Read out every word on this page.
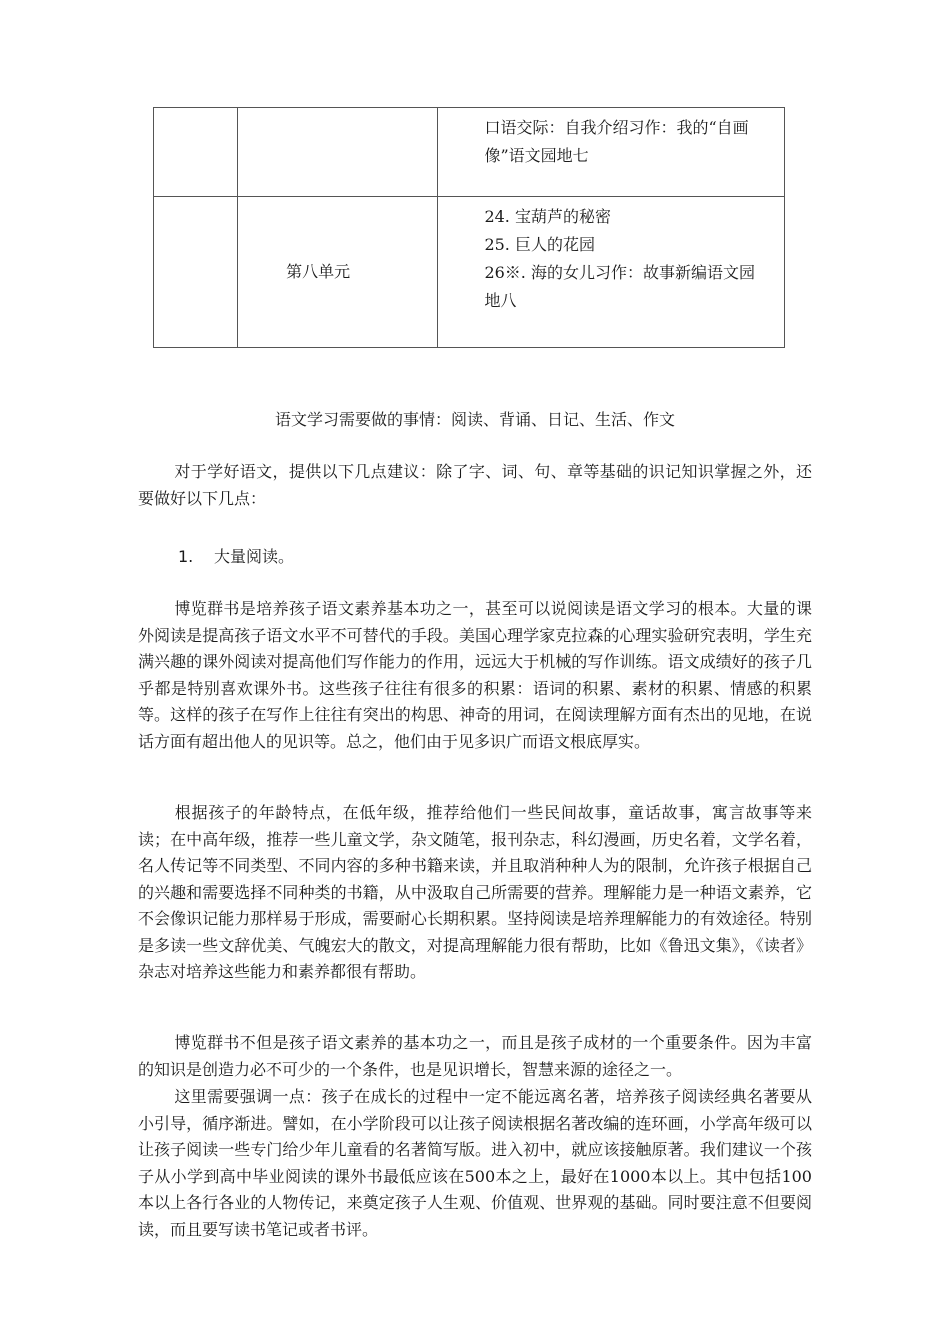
		口语交际：自我介绍习作：我的“自画
像”语文园地七

	第八单元	24. 宝葫芦的秘密
25. 巨人的花园
26※. 海的女儿习作：故事新编语文园
地八
语文学习需要做的事情：阅读、背诵、日记、生活、作文
对于学好语文，提供以下几点建议：除了字、词、句、章等基础的识记知识掌握之外，还要做好以下几点：
1. 大量阅读。
博览群书是培养孩子语文素养基本功之一，甚至可以说阅读是语文学习的根本。大量的课外阅读是提高孩子语文水平不可替代的手段。美国心理学家克拉森的心理实验研究表明，学生充满兴趣的课外阅读对提高他们写作能力的作用，远远大于机械的写作训练。语文成绩好的孩子几乎都是特别喜欢课外书。这些孩子往往有很多的积累：语词的积累、素材的积累、情感的积累等。这样的孩子在写作上往往有突出的构思、神奇的用词，在阅读理解方面有杰出的见地，在说话方面有超出他人的见识等。总之，他们由于见多识广而语文根底厚实。
根据孩子的年龄特点，在低年级，推荐给他们一些民间故事，童话故事，寓言故事等来读；在中高年级，推荐一些儿童文学，杂文随笔，报刊杂志，科幻漫画，历史名着，文学名着，名人传记等不同类型、不同内容的多种书籍来读，并且取消种种人为的限制，允许孩子根据自己的兴趣和需要选择不同种类的书籍，从中汲取自己所需要的营养。理解能力是一种语文素养，它不会像识记能力那样易于形成，需要耐心长期积累。坚持阅读是培养理解能力的有效途径。特别是多读一些文辞优美、气魄宏大的散文，对提高理解能力很有帮助，比如《鲁迅文集》，《读者》杂志对培养这些能力和素养都很有帮助。
博览群书不但是孩子语文素养的基本功之一，而且是孩子成材的一个重要条件。因为丰富的知识是创造力必不可少的一个条件，也是见识增长，智慧来源的途径之一。
这里需要强调一点：孩子在成长的过程中一定不能远离名著，培养孩子阅读经典名著要从小引导，循序渐进。譬如，在小学阶段可以让孩子阅读根据名著改编的连环画，小学高年级可以让孩子阅读一些专门给少年儿童看的名著简写版。进入初中，就应该接触原著。我们建议一个孩子从小学到高中毕业阅读的课外书最低应该在500本之上，最好在1000本以上。其中包括100本以上各行各业的人物传记，来奠定孩子人生观、价值观、世界观的基础。同时要注意不但要阅读，而且要写读书笔记或者书评。
